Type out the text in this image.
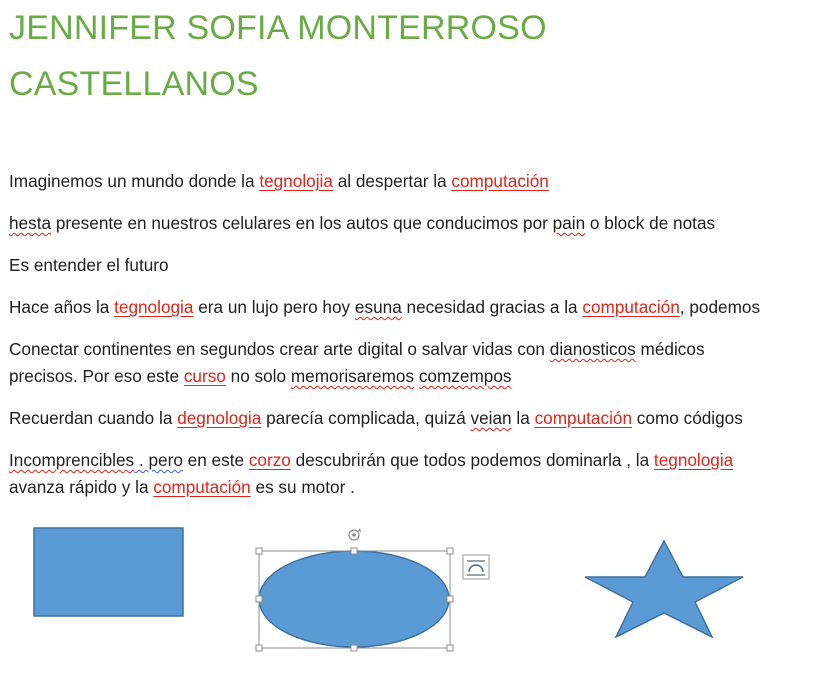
JENNIFER SOFIA MONTERROSO
CASTELLANOS
Imaginemos un mundo donde la tegnolojia al despertar la computación
hesta presente en nuestros celulares en los autos que conducimos por pain o block de notas
Es entender el futuro
Hace años la tegnologia era un lujo pero hoy esuna necesidad gracias a la computación, podemos
Conectar continentes en segundos crear arte digital o salvar vidas con dianosticos médicos
precisos. Por eso este curso no solo memorisaremos comzempos
Recuerdan cuando la degnologia parecía complicada, quizá veian la computación como códigos
Incomprencibles . pero en este corzo descubrirán que todos podemos dominarla , la tegnologia
avanza rápido y la computación es su motor .
